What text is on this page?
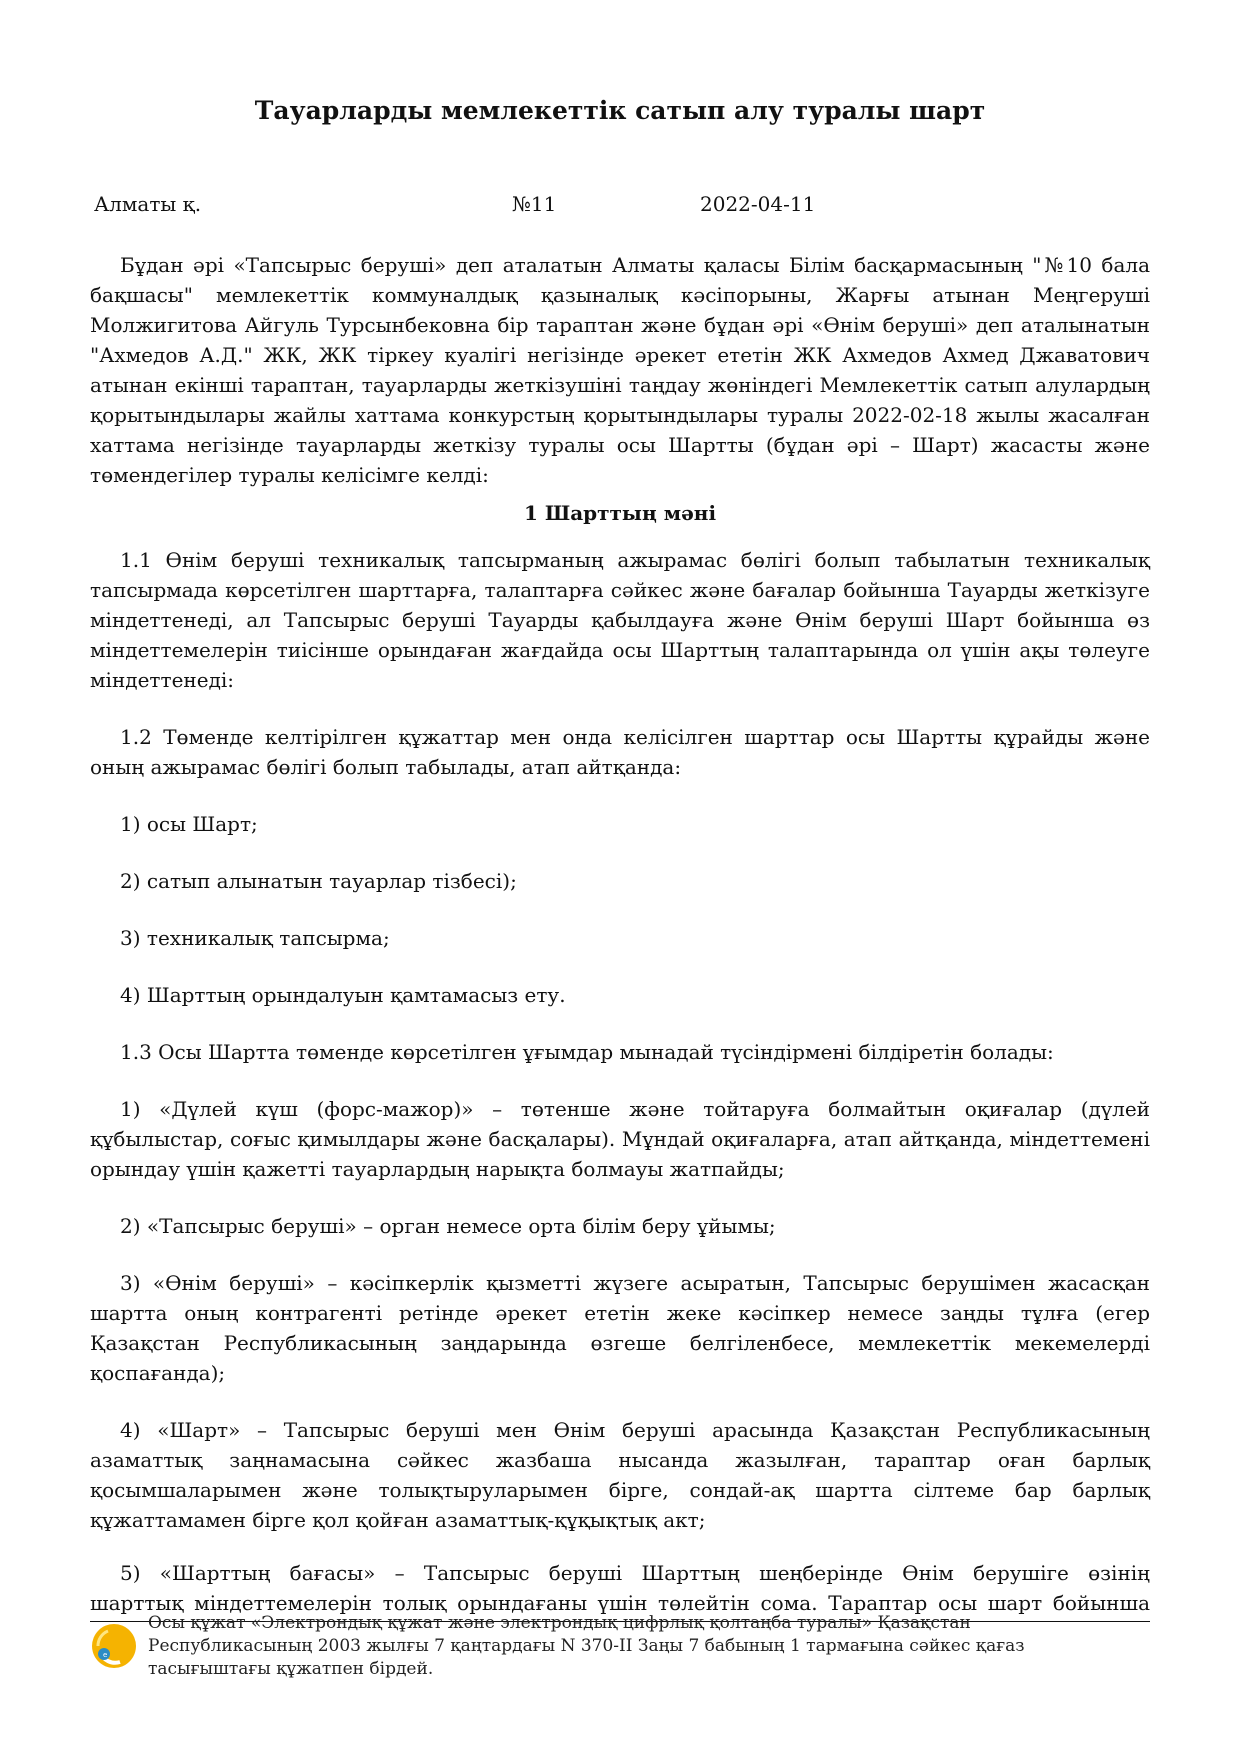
Тауарларды мемлекеттік сатып алу туралы шарт
Алматы қ.	№11	2022-04-11

Бұдан әрі «Тапсырыс беруші» деп аталатын Алматы қаласы Білім басқармасының "№10 бала бақшасы" мемлекеттік коммуналдық қазыналық кәсіпорыны, Жарғы атынан Меңгеруші Молжигитова Айгуль Турсынбековна бір тараптан және бұдан әрі «Өнім беруші» деп аталынатын "Ахмедов А.Д." ЖК, ЖК тіркеу куалігі негізінде әрекет ететін ЖК Ахмедов Ахмед Джаватович атынан екінші тараптан, тауарларды жеткізушіні таңдау жөніндегі Мемлекеттік сатып алулардың қорытындылары жайлы хаттама конкурстың қорытындылары туралы 2022-02-18 жылы жасалған хаттама негізінде тауарларды жеткізу туралы осы Шартты (бұдан әрі – Шарт) жасасты және төмендегілер туралы келісімге келді:

1 Шарттың мәні

1.1 Өнім беруші техникалық тапсырманың ажырамас бөлігі болып табылатын техникалық тапсырмада көрсетілген шарттарға, талаптарға сәйкес және бағалар бойынша Тауарды жеткізуге міндеттенеді, ал Тапсырыс беруші Тауарды қабылдауға және Өнім беруші Шарт бойынша өз міндеттемелерін тиісінше орындаған жағдайда осы Шарттың талаптарында ол үшін ақы төлеуге міндеттенеді:

1.2 Төменде келтірілген құжаттар мен онда келісілген шарттар осы Шартты құрайды және оның ажырамас бөлігі болып табылады, атап айтқанда:

1) осы Шарт;

2) сатып алынатын тауарлар тізбесі);

3) техникалық тапсырма;

4) Шарттың орындалуын қамтамасыз ету.

1.3 Осы Шартта төменде көрсетілген ұғымдар мынадай түсіндірмені білдіретін болады:

1) «Дүлей күш (форс-мажор)» – төтенше және тойтаруға болмайтын оқиғалар (дүлей құбылыстар, соғыс қимылдары және басқалары). Мұндай оқиғаларға, атап айтқанда, міндеттемені орындау үшін қажетті тауарлардың нарықта болмауы жатпайды;

2) «Тапсырыс беруші» – орган немесе орта білім беру ұйымы;

3) «Өнім беруші» – кәсіпкерлік қызметті жүзеге асыратын, Тапсырыс берушімен жасасқан шартта оның контрагенті ретінде әрекет ететін жеке кәсіпкер немесе заңды тұлға (егер Қазақстан Республикасының заңдарында өзгеше белгіленбесе, мемлекеттік мекемелерді қоспағанда);

4) «Шарт» – Тапсырыс беруші мен Өнім беруші арасында Қазақстан Республикасының азаматтық заңнамасына сәйкес жазбаша нысанда жазылған, тараптар оған барлық қосымшаларымен және толықтыруларымен бірге, сондай-ақ шартта сілтеме бар барлық құжаттамамен бірге қол қойған азаматтық-құқықтық акт;

5) «Шарттың бағасы» – Тапсырыс беруші Шарттың шеңберінде Өнім берушіге өзінің

шарттық міндеттемелерін толық орындағаны үшін төлейтін сома. Тараптар осы шарт бойынша
e
Осы құжат «Электрондық құжат және электрондық цифрлық қолтаңба туралы» Қазақстан Республикасының 2003 жылғы 7 қаңтардағы N 370-II Заңы 7 бабының 1 тармағына сәйкес қағаз тасығыштағы құжатпен бірдей.
